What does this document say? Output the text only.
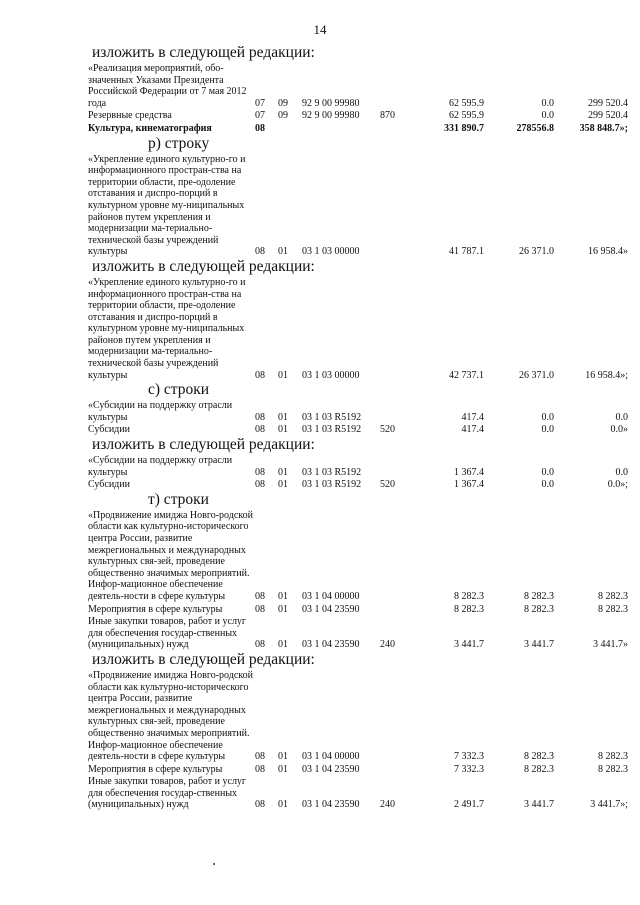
14

изложить в следующей редакции:

«Реализация мероприятий, обо-значенных Указами Президента Российской Федерации от 7 мая 2012 года	07	09	92 9 00 99980		62 595.9	0.0	299 520.4
Резервные средства	07	09	92 9 00 99980	870	62 595.9	0.0	299 520.4
Культура, кинематография	08				331 890.7	278556.8	358 848.7»;

р) строку

«Укрепление единого культурно-го и информационного простран-ства на территории области, пре-одоление отставания и диспро-порций в культурном уровне му-ниципальных районов путем укрепления и модернизации ма-териально-технической базы учреждений культуры	08	01	03 1 03 00000		41 787.1	26 371.0	16 958.4»

изложить в следующей редакции:

«Укрепление единого культурно-го и информационного простран-ства на территории области, пре-одоление отставания и диспро-порций в культурном уровне му-ниципальных районов путем укрепления и модернизации ма-териально-технической базы учреждений культуры	08	01	03 1 03 00000		42 737.1	26 371.0	16 958.4»;

с) строки

«Субсидии на поддержку отрасли культуры	08	01	03 1 03 R5192		417.4	0.0	0.0
Субсидии	08	01	03 1 03 R5192	520	417.4	0.0	0.0»

изложить в следующей редакции:

«Субсидии на поддержку отрасли культуры	08	01	03 1 03 R5192		1 367.4	0.0	0.0
Субсидии	08	01	03 1 03 R5192	520	1 367.4	0.0	0.0»;

т) строки

«Продвижение имиджа Новго-родской области как культурно-исторического центра России, развитие межрегиональных и международных культурных свя-зей, проведение общественно значимых мероприятий. Инфор-мационное обеспечение деятель-ности в сфере культуры	08	01	03 1 04 00000		8 282.3	8 282.3	8 282.3
Мероприятия в сфере культуры	08	01	03 1 04 23590		8 282.3	8 282.3	8 282.3
Иные закупки товаров, работ и услуг для обеспечения государ-ственных (муниципальных) нужд	08	01	03 1 04 23590	240	3 441.7	3 441.7	3 441.7»

изложить в следующей редакции:

«Продвижение имиджа Новго-родской области как культурно-исторического центра России, развитие межрегиональных и международных культурных свя-зей, проведение общественно значимых мероприятий. Инфор-мационное обеспечение деятель-ности в сфере культуры	08	01	03 1 04 00000		7 332.3	8 282.3	8 282.3
Мероприятия в сфере культуры	08	01	03 1 04 23590		7 332.3	8 282.3	8 282.3
Иные закупки товаров, работ и услуг для обеспечения государ-ственных (муниципальных) нужд	08	01	03 1 04 23590	240	2 491.7	3 441.7	3 441.7»;
